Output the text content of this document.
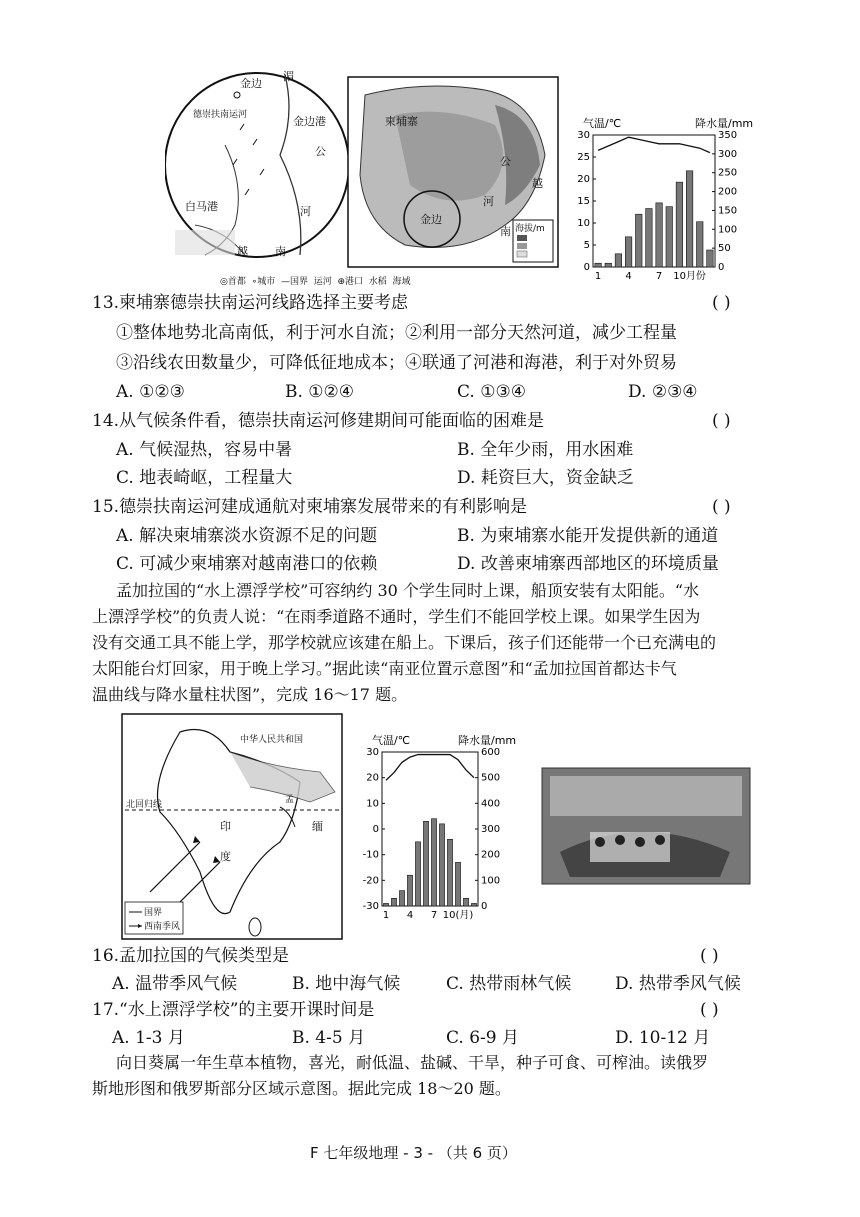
金边
湄
德崇扶南运河	金边港
白马港
公
河
越 南
柬埔寨
金边
越
南
公
河
海拔/m
30
25
20
15
10
5
0
350
300
250
200
150
100
50
0
气温/℃	降水量/mm
1 4 7 10月份
◎首都 ∘城市 —国界 运河 ⊕港口 水稻 海域
13.柬埔寨德崇扶南运河线路选择主要考虑	( )
①整体地势北高南低，利于河水自流；②利用一部分天然河道，减少工程量
③沿线农田数量少，可降低征地成本；④联通了河港和海港，利于对外贸易
A. ①②③	B. ①②④	C. ①③④	D. ②③④
14.从气候条件看，德崇扶南运河修建期间可能面临的困难是	( )
A. 气候湿热，容易中暑	B. 全年少雨，用水困难
C. 地表崎岖，工程量大	D. 耗资巨大，资金缺乏
15.德崇扶南运河建成通航对柬埔寨发展带来的有利影响是	( )
A. 解决柬埔寨淡水资源不足的问题	B. 为柬埔寨水能开发提供新的通道
C. 可减少柬埔寨对越南港口的依赖	D. 改善柬埔寨西部地区的环境质量
孟加拉国的“水上漂浮学校”可容纳约 30 个学生同时上课，船顶安装有太阳能。“水
上漂浮学校”的负责人说：“在雨季道路不通时，学生们不能回学校上课。如果学生因为
没有交通工具不能上学，那学校就应该建在船上。下课后，孩子们还能带一个已充满电的
太阳能台灯回家，用于晚上学习。”据此读“南亚位置示意图”和“孟加拉国首都达卡气
温曲线与降水量柱状图”，完成 16～17 题。
中华人民共和国
北回归线
印
度
孟
缅
国界
西南季风
30
20
10
0
-10
-20
-30
600
500
400
300
200
100
0
气温/℃	降水量/mm
1 4 7 10(月)
16.孟加拉国的气候类型是	( )
A. 温带季风气候	B. 地中海气候	C. 热带雨林气候	D. 热带季风气候
17.“水上漂浮学校”的主要开课时间是	( )
A. 1-3 月	B. 4-5 月	C. 6-9 月	D. 10-12 月
向日葵属一年生草本植物，喜光，耐低温、盐碱、干旱，种子可食、可榨油。读俄罗
斯地形图和俄罗斯部分区域示意图。据此完成 18～20 题。
F 七年级地理 - 3 - （共 6 页）
